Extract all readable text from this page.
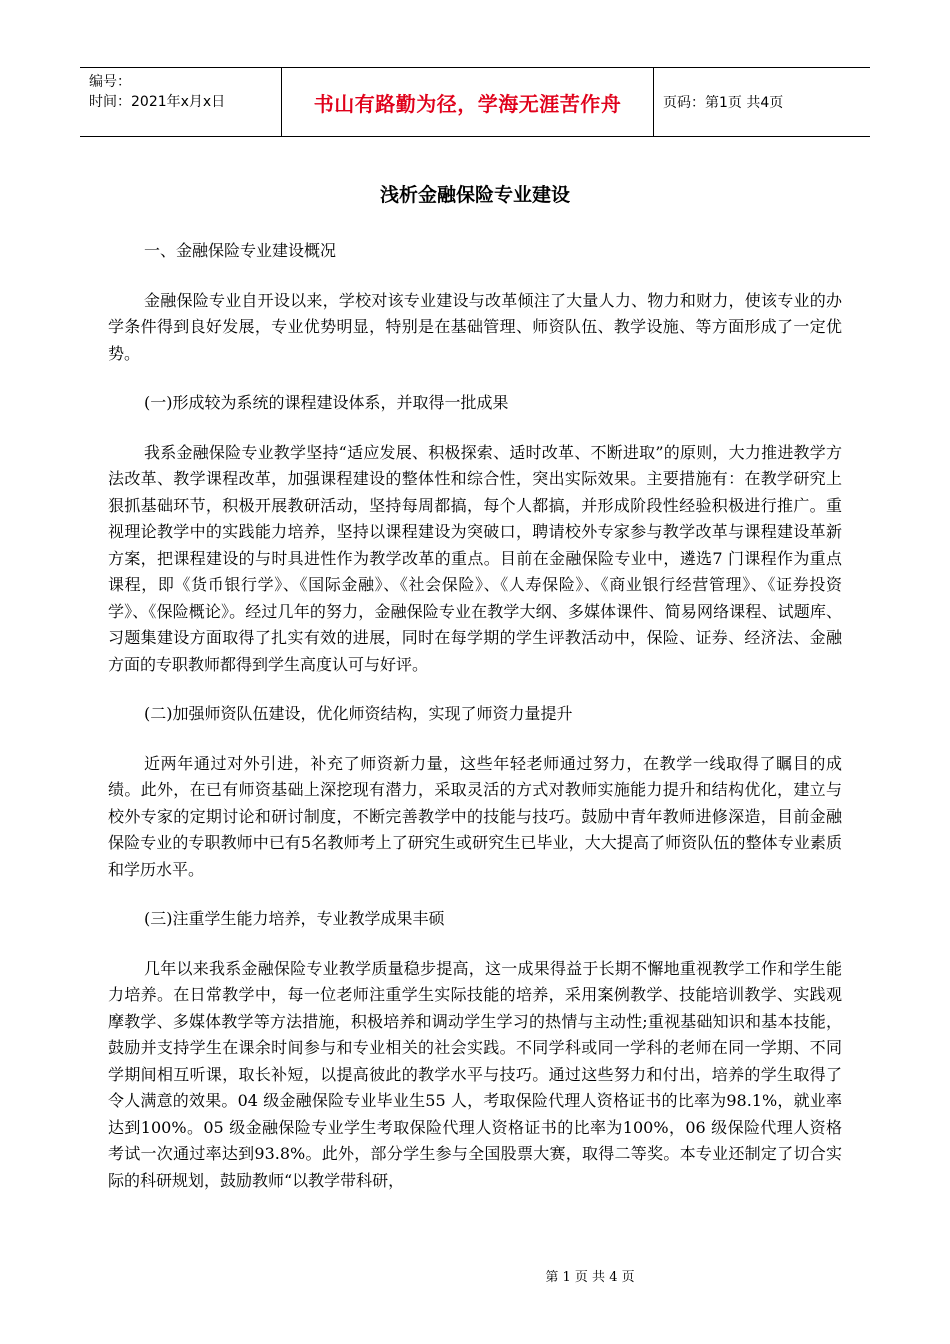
编号：
时间：2021年x月x日	书山有路勤为径，学海无涯苦作舟	页码：第1页 共4页
浅析金融保险专业建设

一、金融保险专业建设概况

金融保险专业自开设以来，学校对该专业建设与改革倾注了大量人力、物力和财力，使该专业的办学条件得到良好发展，专业优势明显，特别是在基础管理、师资队伍、教学设施、等方面形成了一定优势。

(一)形成较为系统的课程建设体系，并取得一批成果

我系金融保险专业教学坚持“适应发展、积极探索、适时改革、不断进取”的原则，大力推进教学方法改革、教学课程改革，加强课程建设的整体性和综合性，突出实际效果。主要措施有：在教学研究上狠抓基础环节，积极开展教研活动，坚持每周都搞，每个人都搞，并形成阶段性经验积极进行推广。重视理论教学中的实践能力培养，坚持以课程建设为突破口，聘请校外专家参与教学改革与课程建设革新方案，把课程建设的与时具进性作为教学改革的重点。目前在金融保险专业中，遴选7 门课程作为重点课程，即《货币银行学》、《国际金融》、《社会保险》、《人寿保险》、《商业银行经营管理》、《证券投资学》、《保险概论》。经过几年的努力，金融保险专业在教学大纲、多媒体课件、简易网络课程、试题库、习题集建设方面取得了扎实有效的进展，同时在每学期的学生评教活动中，保险、证券、经济法、金融方面的专职教师都得到学生高度认可与好评。

(二)加强师资队伍建设，优化师资结构，实现了师资力量提升

近两年通过对外引进，补充了师资新力量，这些年轻老师通过努力，在教学一线取得了瞩目的成绩。此外，在已有师资基础上深挖现有潜力，采取灵活的方式对教师实施能力提升和结构优化，建立与校外专家的定期讨论和研讨制度，不断完善教学中的技能与技巧。鼓励中青年教师进修深造，目前金融保险专业的专职教师中已有5名教师考上了研究生或研究生已毕业，大大提高了师资队伍的整体专业素质和学历水平。

(三)注重学生能力培养，专业教学成果丰硕

几年以来我系金融保险专业教学质量稳步提高，这一成果得益于长期不懈地重视教学工作和学生能力培养。在日常教学中，每一位老师注重学生实际技能的培养，采用案例教学、技能培训教学、实践观摩教学、多媒体教学等方法措施，积极培养和调动学生学习的热情与主动性;重视基础知识和基本技能，鼓励并支持学生在课余时间参与和专业相关的社会实践。不同学科或同一学科的老师在同一学期、不同学期间相互听课，取长补短，以提高彼此的教学水平与技巧。通过这些努力和付出，培养的学生取得了令人满意的效果。04 级金融保险专业毕业生55 人，考取保险代理人资格证书的比率为98.1%，就业率达到100%。05 级金融保险专业学生考取保险代理人资格证书的比率为100%，06 级保险代理人资格考试一次通过率达到93.8%。此外，部分学生参与全国股票大赛，取得二等奖。本专业还制定了切合实际的科研规划，鼓励教师“以教学带科研，

第 1 页 共 4 页
